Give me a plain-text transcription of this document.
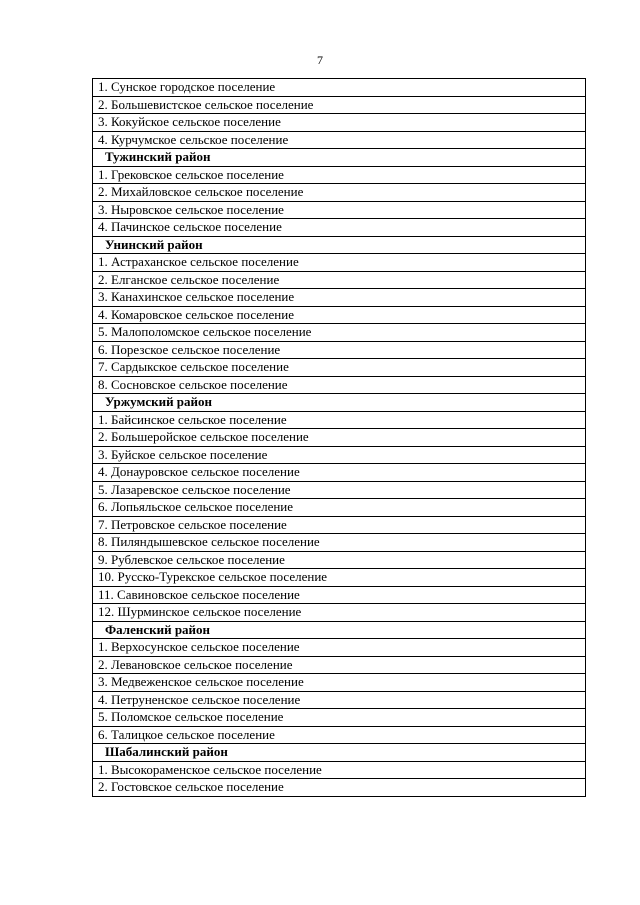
7
1. Сунское городское поселение
2. Большевистское сельское поселение
3. Кокуйское сельское поселение
4. Курчумское сельское поселение
Тужинский район
1. Грековское сельское поселение
2. Михайловское сельское поселение
3. Ныровское сельское поселение
4. Пачинское сельское поселение
Унинский район
1. Астраханское сельское поселение
2. Елганское сельское поселение
3. Канахинское сельское поселение
4. Комаровское сельское поселение
5. Малополомское сельское поселение
6. Порезское сельское поселение
7. Сардыкское сельское поселение
8. Сосновское сельское поселение
Уржумский район
1. Байсинское сельское поселение
2. Большеройское сельское поселение
3. Буйское сельское поселение
4. Донауровское сельское поселение
5. Лазаревское сельское поселение
6. Лопьяльское сельское поселение
7. Петровское сельское поселение
8. Пиляндышевское сельское поселение
9. Рублевское сельское поселение
10. Русско-Турекское сельское поселение
11. Савиновское сельское поселение
12. Шурминское сельское поселение
Фаленский район
1. Верхосунское сельское поселение
2. Левановское сельское поселение
3. Медвеженское сельское поселение
4. Петруненское сельское поселение
5. Поломское сельское поселение
6. Талицкое сельское поселение
Шабалинский район
1. Высокораменское сельское поселение
2. Гостовское сельское поселение
